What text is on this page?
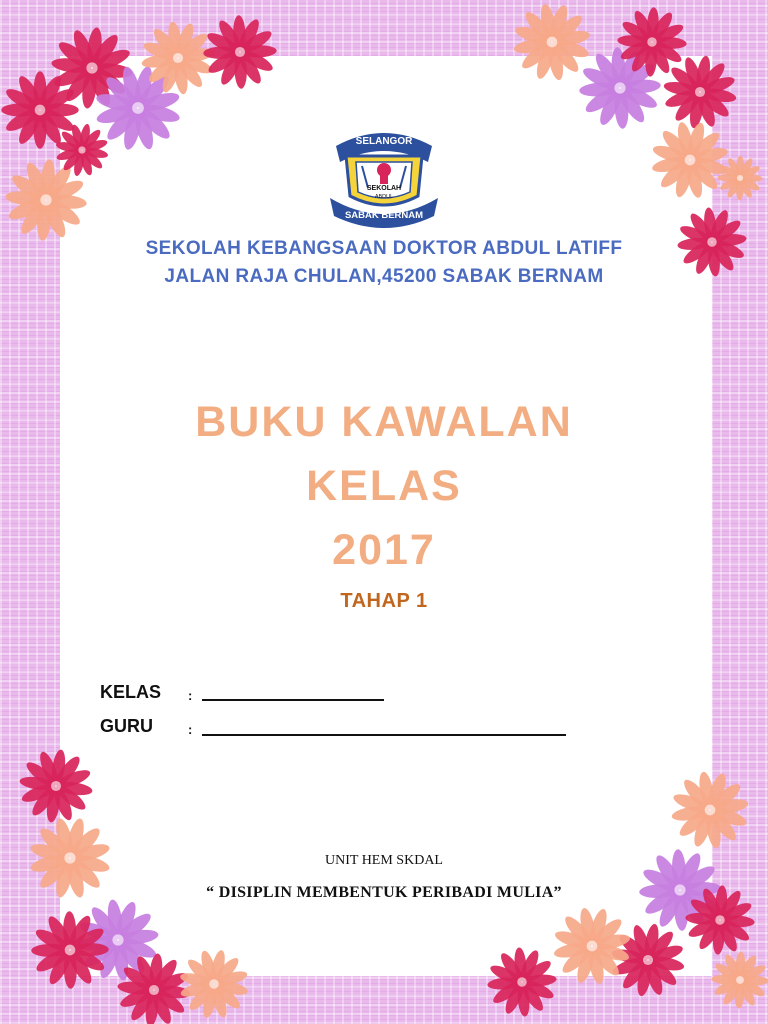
SELANGOR
SEKOLAH
ABDUL
SABAK BERNAM
SEKOLAH KEBANGSAAN DOKTOR ABDUL LATIFF
JALAN RAJA CHULAN,45200 SABAK BERNAM
BUKU KAWALAN
KELAS
2017
TAHAP 1
KELAS :
GURU	:
UNIT HEM SKDAL
“ DISIPLIN MEMBENTUK PERIBADI MULIA”
